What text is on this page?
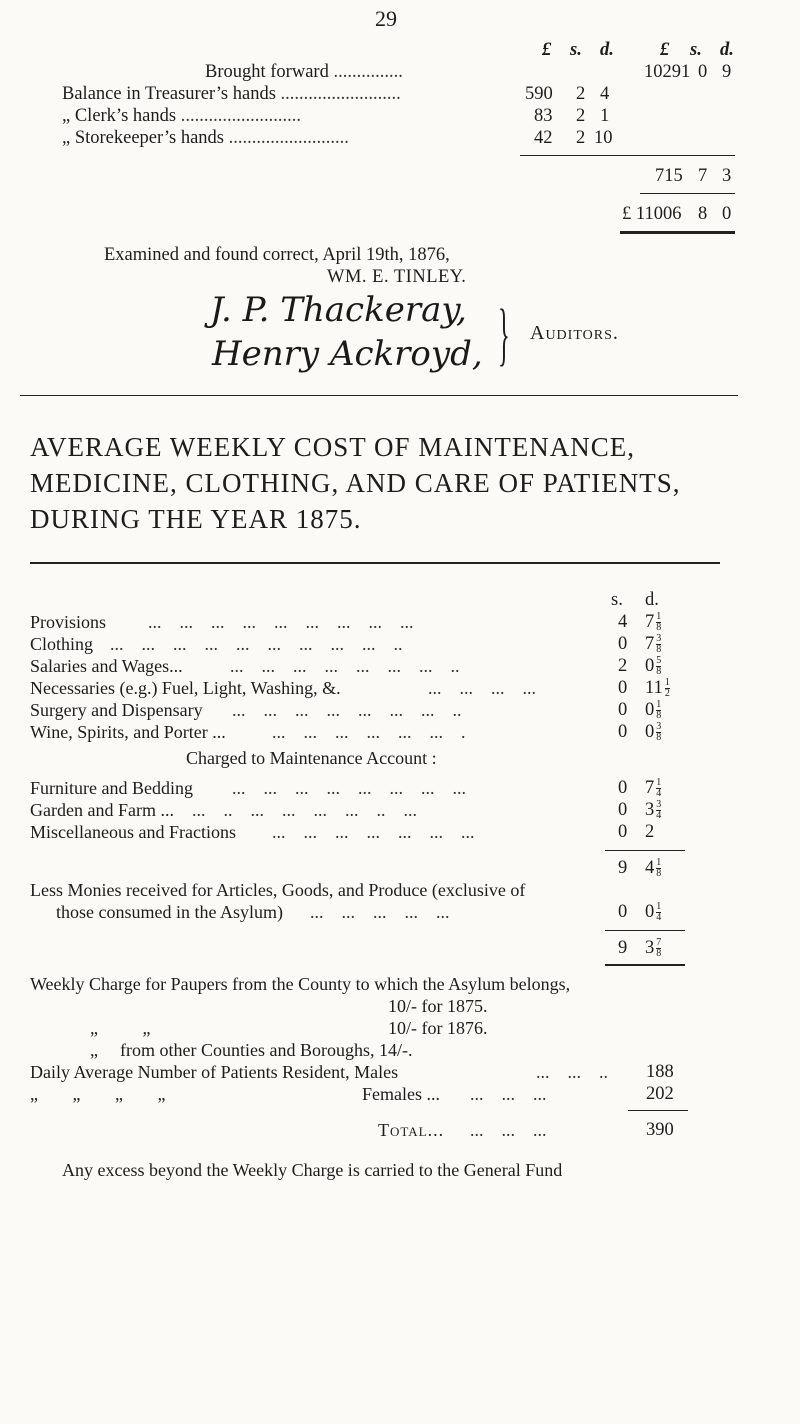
29
£ s. d. £ s. d.
Brought forward ...............	10291 0 9
Balance in Treasurer’s hands ..........................	590 2 4
„ Clerk’s hands ..........................	83 2 1
„ Storekeeper’s hands ..........................	42 2 10
715 7 3
£ 11006 8 0
Examined and found correct, April 19th, 1876,
WM. E. TINLEY.
J. P. Thackeray,
Henry Ackroyd, } Auditors.
AVERAGE WEEKLY COST OF MAINTENANCE,
MEDICINE, CLOTHING, AND CARE OF PATIENTS,
DURING THE YEAR 1875.
s. d.
Provisions ...    ...    ...    ...    ...    ...    ...    ...    ...	4 $7 \frac{1}{8}$
Clothing ...    ...    ...    ...    ...    ...    ...    ...    ...    ..	0 $7 \frac{3}{8}$
Salaries and Wages...	...    ...    ...    ...    ...    ...    ...    ..	2 $0 \frac{5}{8}$
Necessaries (e.g.) Fuel, Light, Washing, &.	...    ...    ...    ...	0 $11 \frac{1}{2}$
Surgery and Dispensary ...    ...    ...    ...    ...    ...    ...    ..	0 $0 \frac{1}{8}$
Wine, Spirits, and Porter ...	...    ...    ...    ...    ...    ...    .	0 $0 \frac{3}{8}$
Charged to Maintenance Account :
Furniture and Bedding ...    ...    ...    ...    ...    ...    ...    ...	0 $7 \frac{1}{4}$
Garden and Farm ... ...    ..    ...    ...    ...    ...    ..    ...	0 $3 \frac{3}{4}$
Miscellaneous and Fractions ...    ...    ...    ...    ...    ...    ...	0 2
9 $4 \frac{1}{8}$
Less Monies received for Articles, Goods, and Produce (exclusive of
those consumed in the Asylum) ...    ...    ...    ...    ...	0 $0 \frac{1}{4}$
9 $3 \frac{7}{8}$
Weekly Charge for Paupers from the County to which the Asylum belongs,
10/- for 1875.
„ „	10/- for 1876.
„ from other Counties and Boroughs, 14/-.
Daily Average Number of Patients Resident, Males	...    ...    .. 188
„ „ „ „	Females ... ...    ...    ...	202
Total... ...    ...    ...	390
Any excess beyond the Weekly Charge is carried to the General Fund
